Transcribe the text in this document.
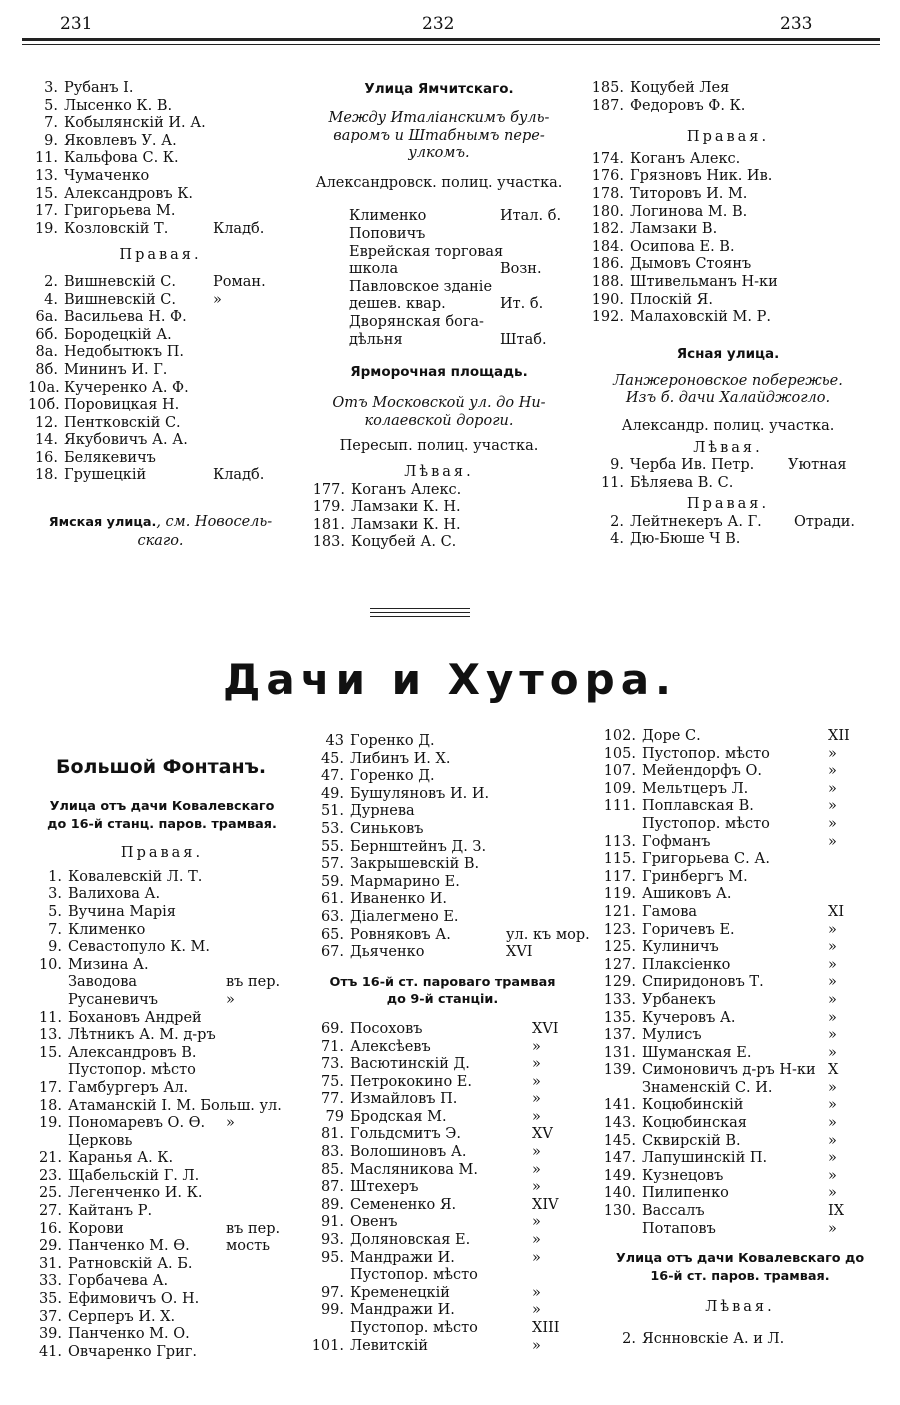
231	232	233
3. Рубанъ І.
5. Лысенко К. В.
7. Кобылянскій И. А.
9. Яковлевъ У. А.
11. Кальфова С. К.
13. Чумаченко
15. Александровъ К.
17. Григорьева М.
19. Козловскій Т.	Кладб.
Правая.
2. Вишневскій С.	Роман.
4. Вишневскій С.	»
6а. Васильева Н. Ф.
6б. Бородецкій А.
8а. Недобытюкъ П.
8б. Мининъ И. Г.
10а. Кучеренко А. Ф.
10б. Поровицкая Н.
12. Пентковскій С.
14. Якубовичъ А. А.
16. Белякевичъ
18. Грушецкій	Кладб.
Ямская улица., см. Новосель-
скаго.
Улица Ямчитскаго.
Между Италіанскимъ буль-
варомъ и Штабнымъ пере-
улкомъ.
Александровск. полиц. участка.
Клименко	Итал. б.
Поповичъ
Еврейская торговая
школа	Возн.
Павловское зданіе
дешев. квар.	Ит. б.
Дворянская бога-
дѣльня	Штаб.
Ярморочная площадь.
Отъ Московской ул. до Ни-
колаевской дороги.
Пересып. полиц. участка.
Лѣвая.
177. Коганъ Алекс.
179. Ламзаки К. Н.
181. Ламзаки К. Н.
183. Коцубей А. С.
185. Коцубей Лея
187. Федоровъ Ф. К.
Правая.
174. Коганъ Алекс.
176. Грязновъ Ник. Ив.
178. Титоровъ И. М.
180. Логинова М. В.
182. Ламзаки В.
184. Осипова Е. В.
186. Дымовъ Стоянъ
188. Штивельманъ Н-ки
190. Плоскій Я.
192. Малаховскій М. Р.
Ясная улица.
Ланжероновское побережье.
Изъ б. дачи Халайджогло.
Александр. полиц. участка.
Лѣвая.
9. Черба Ив. Петр. Уютная
11. Бѣляева В. С.
Правая.
2. Лейтнекеръ А. Г. Отради.
4. Дю-Бюше Ч В.
Дачи и Хутора.
Большой Фонтанъ.
Улица отъ дачи Ковалевскаго
до 16-й станц. паров. трамвая.
Правая.
1. Ковалевскій Л. Т.
3. Валихова А.
5. Вучина Марія
7. Клименко
9. Севастопуло К. М.
10. Мизина А.
Заводова	въ пер.
Русаневичъ	»
11. Бохановъ Андрей
13. Лѣтникъ А. М. д-ръ
15. Александровъ В.
Пустопор. мѣсто
17. Гамбургеръ Ал.
18. Атаманскій І. М. Больш. ул.
19. Пономаревъ О. Ѳ. »
Церковь
21. Каранья А. К.
23. Щабельскій Г. Л.
25. Легенченко И. К.
27. Кайтанъ Р.
16. Корови	въ пер.
29. Панченко М. Ѳ.	мость
31. Ратновскій А. Б.
33. Горбачева А.
35. Ефимовичъ О. Н.
37. Серперъ И. Х.
39. Панченко М. О.
41. Овчаренко Григ.
43 Горенко Д.
45. Либинъ И. Х.
47. Горенко Д.
49. Бушуляновъ И. И.
51. Дурнева
53. Синьковъ
55. Бернштейнъ Д. З.
57. Закрышевскій В.
59. Мармарино Е.
61. Иваненко И.
63. Діалегмено Е.
65. Ровняковъ А.	ул. къ мор.
67. Дьяченко	XVI
Отъ 16-й ст. пароваго трамвая
до 9-й станціи.
69. Посоховъ	XVI
71. Алексѣевъ	»
73. Васютинскій Д.	»
75. Петрококино Е.	»
77. Измайловъ П.	»
79 Бродская М.	»
81. Гольдсмитъ Э.	XV
83. Волошиновъ А.	»
85. Масляникова М.	»
87. Штехеръ	»
89. Семененко Я.	XIV
91. Овенъ	»
93. Доляновская Е.	»
95. Мандражи И.	»
Пустопор. мѣсто
97. Кременецкій	»
99. Мандражи И.	»
Пустопор. мѣсто	XIII
101. Левитскій	»
102. Доре С.	XII
105. Пустопор. мѣсто	»
107. Мейендорфъ О.	»
109. Мельтцеръ Л.	»
111. Поплавская В.	»
Пустопор. мѣсто	»
113. Гофманъ	»
115. Григорьева С. А.
117. Гринбергъ М.
119. Ашиковъ А.
121. Гамова	XI
123. Горичевъ Е.	»
125. Кулиничъ	»
127. Плаксіенко	»
129. Спиридоновъ Т.	»
133. Урбанекъ	»
135. Кучеровъ А.	»
137. Мулисъ	»
131. Шуманская Е.	»
139. Симоновичъ д-ръ Н-ки X
Знаменскій С. И.	»
141. Коцюбинскій	»
143. Коцюбинская	»
145. Сквирскій В.	»
147. Лапушинскій П.	»
149. Кузнецовъ	»
140. Пилипенко	»
130. Вассалъ	IX
Потаповъ	»
Улица отъ дачи Ковалевскаго до
16-й ст. паров. трамвая.
Лѣвая.
2. Яснновскіе А. и Л.
